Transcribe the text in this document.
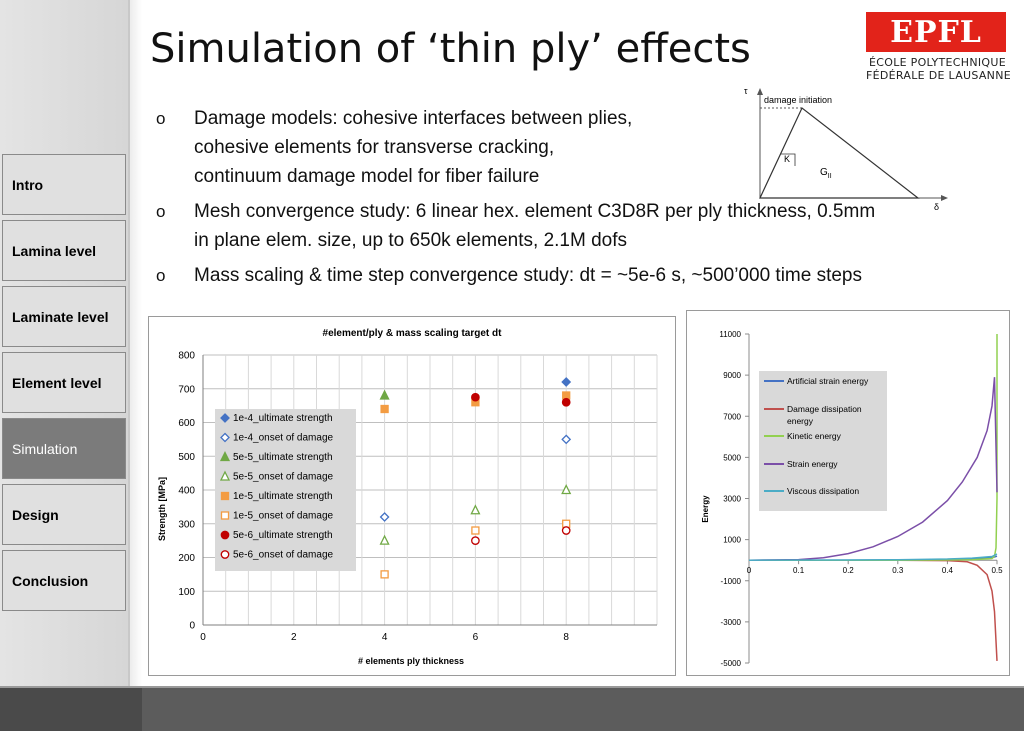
Intro
Lamina level
Laminate level
Element level
Simulation
Design
Conclusion
Simulation of ‘thin ply’ effects	EPFL
ÉCOLE POLYTECHNIQUE
FÉDÉRALE DE LAUSANNE
o Damage models: cohesive interfaces between plies,
cohesive elements for transverse cracking,
continuum damage model for fiber failure
o Mesh convergence study: 6 linear hex. element C3D8R per ply thickness, 0.5mm
in plane elem. size, up to 650k elements, 2.1M dofs
o Mass scaling & time step convergence study: dt = ~5e-6 s, ~500’000 time steps
τ
δ
K
damage initiation
$G_{II}$
#element/ply & mass scaling target dt
0
100
200
300
400
500
600
700
800
0	2	4	6	8
1e-4_ultimate strength
1e-4_onset of damage
5e-5_ultimate strength
5e-5_onset of damage
1e-5_ultimate strength
1e-5_onset of damage
5e-6_ultimate strength
5e-6_onset of damage
# elements ply thickness
Strength [MPa]
-5000
-3000
-1000
1000
3000
5000
7000
9000
11000
0	0.1	0.2	0.3	0.4	0.5
Artificial strain energy
Damage dissipation energy
Kinetic energy
Strain energy
Viscous dissipation
Energy
